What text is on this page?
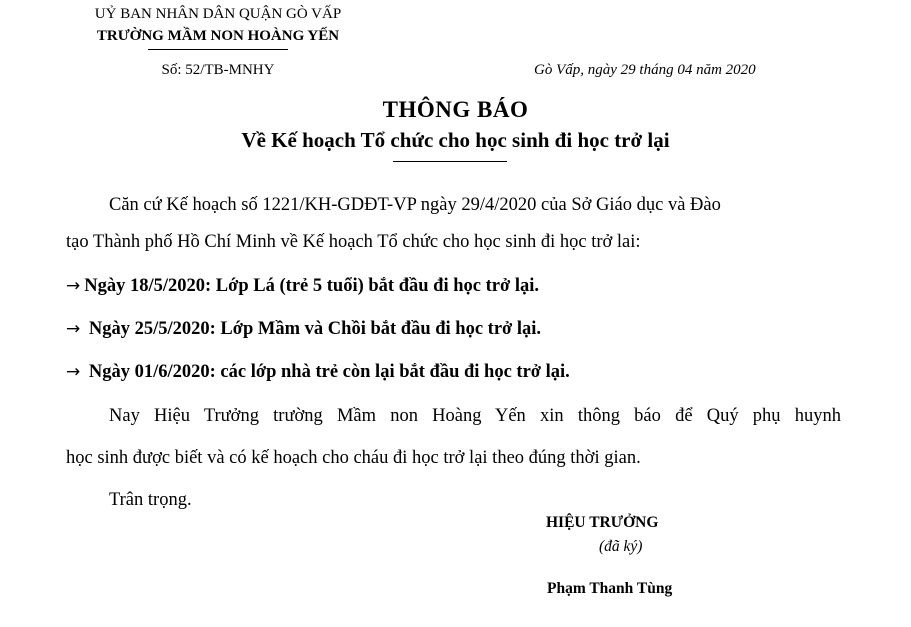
UỶ BAN NHÂN DÂN QUẬN GÒ VẤP
TRƯỜNG MẦM NON HOÀNG YẾN
Số: 52/TB-MNHY	Gò Vấp, ngày 29 tháng 04 năm 2020
THÔNG BÁO
Về Kế hoạch Tổ chức cho học sinh đi học trở lại
Căn cứ Kế hoạch số 1221/KH-GDĐT-VP ngày 29/4/2020 của Sở Giáo dục và Đào
tạo Thành phố Hồ Chí Minh về Kế hoạch Tổ chức cho học sinh đi học trở lai:
→ Ngày 18/5/2020: Lớp Lá (trẻ 5 tuổi) bắt đầu đi học trở lại.
→ Ngày 25/5/2020: Lớp Mầm và Chồi bắt đầu đi học trở lại.
→ Ngày 01/6/2020: các lớp nhà trẻ còn lại bắt đầu đi học trở lại.
Nay Hiệu Trưởng trường Mầm non Hoàng Yến xin thông báo để Quý phụ huynh
học sinh được biết và có kế hoạch cho cháu đi học trở lại theo đúng thời gian.
Trân trọng.
HIỆU TRƯỞNG
(đã ký)
Phạm Thanh Tùng
